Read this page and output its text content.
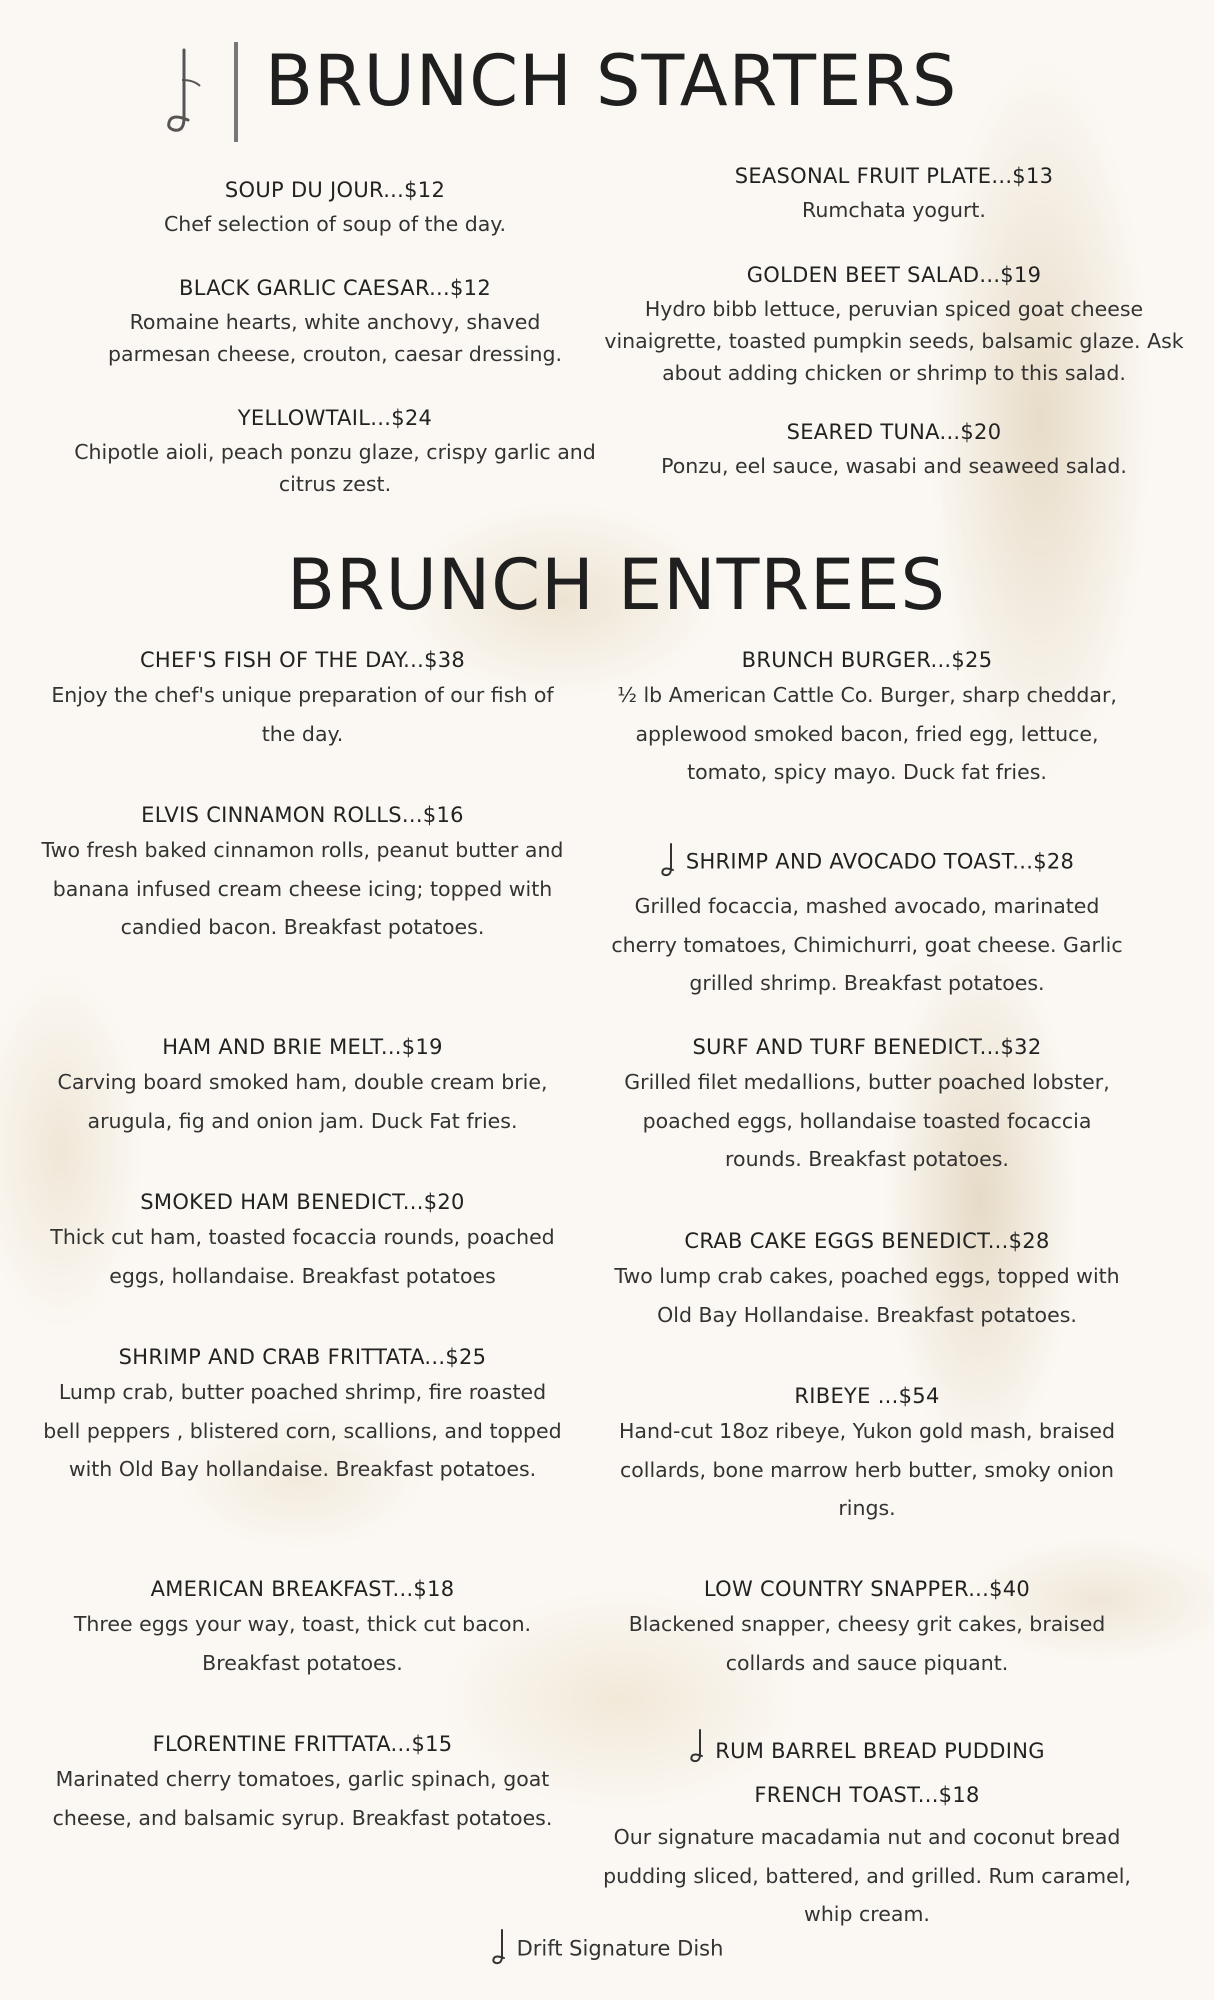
BRUNCH STARTERS
SOUP DU JOUR...$12
Chef selection of soup of the day.
BLACK GARLIC CAESAR...$12
Romaine hearts, white anchovy, shaved parmesan cheese, crouton, caesar dressing.
YELLOWTAIL...$24
Chipotle aioli, peach ponzu glaze, crispy garlic and citrus zest.
SEASONAL FRUIT PLATE...$13
Rumchata yogurt.
GOLDEN BEET SALAD...$19
Hydro bibb lettuce, peruvian spiced goat cheese vinaigrette, toasted pumpkin seeds, balsamic glaze. Ask about adding chicken or shrimp to this salad.
SEARED TUNA...$20
Ponzu, eel sauce, wasabi and seaweed salad.
BRUNCH ENTREES
CHEF'S FISH OF THE DAY...$38
Enjoy the chef's unique preparation of our fish of the day.
ELVIS CINNAMON ROLLS...$16
Two fresh baked cinnamon rolls, peanut butter and banana infused cream cheese icing; topped with candied bacon. Breakfast potatoes.
HAM AND BRIE MELT...$19
Carving board smoked ham, double cream brie, arugula, fig and onion jam. Duck Fat fries.
SMOKED HAM BENEDICT...$20
Thick cut ham, toasted focaccia rounds, poached eggs, hollandaise. Breakfast potatoes
SHRIMP AND CRAB FRITTATA...$25
Lump crab, butter poached shrimp, fire roasted bell peppers , blistered corn, scallions, and topped with Old Bay hollandaise. Breakfast potatoes.
AMERICAN BREAKFAST...$18
Three eggs your way, toast, thick cut bacon. Breakfast potatoes.
FLORENTINE FRITTATA...$15
Marinated cherry tomatoes, garlic spinach, goat cheese, and balsamic syrup. Breakfast potatoes.
BRUNCH BURGER...$25
½ lb American Cattle Co. Burger, sharp cheddar, applewood smoked bacon, fried egg, lettuce, tomato, spicy mayo. Duck fat fries.
SHRIMP AND AVOCADO TOAST...$28
Grilled focaccia, mashed avocado, marinated cherry tomatoes, Chimichurri, goat cheese. Garlic grilled shrimp. Breakfast potatoes.
SURF AND TURF BENEDICT...$32
Grilled filet medallions, butter poached lobster, poached eggs, hollandaise toasted focaccia rounds. Breakfast potatoes.
CRAB CAKE EGGS BENEDICT...$28
Two lump crab cakes, poached eggs, topped with Old Bay Hollandaise. Breakfast potatoes.
RIBEYE ...$54
Hand-cut 18oz ribeye, Yukon gold mash, braised collards, bone marrow herb butter, smoky onion rings.
LOW COUNTRY SNAPPER...$40
Blackened snapper, cheesy grit cakes, braised collards and sauce piquant.
RUM BARREL BREAD PUDDING
FRENCH TOAST...$18
Our signature macadamia nut and coconut bread pudding sliced, battered, and grilled. Rum caramel, whip cream.
Drift Signature Dish
